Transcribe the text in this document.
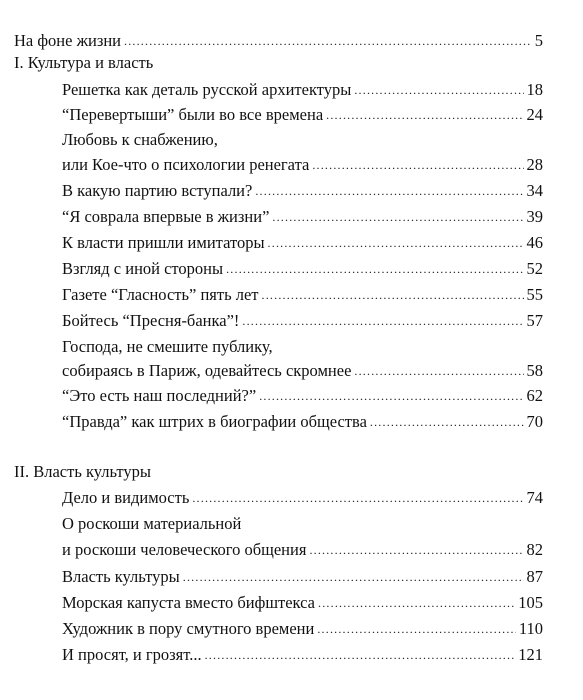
На фоне жизни .....	5
I. Культура и власть
Решетка как деталь русской архитектуры .....	18
“Перевертыши” были во все времена .....	24
Любовь к снабжению,
или Кое-что о психологии ренегата .....	28
В какую партию вступали? .....	34
“Я соврала впервые в жизни” .....	39
К власти пришли имитаторы .....	46
Взгляд с иной стороны .....	52
Газете “Гласность” пять лет .....	55
Бойтесь “Пресня-банка”! .....	57
Господа, не смешите публику,
собираясь в Париж, одевайтесь скромнее .....	58
“Это есть наш последний?” .....	62
“Правда” как штрих в биографии общества .....	70
II. Власть культуры
Дело и видимость .....	74
О роскоши материальной
и роскоши человеческого общения .....	82
Власть культуры .....	87
Морская капуста вместо бифштекса .....	105
Художник в пору смутного времени .....	110
И просят, и грозят... .....	121
